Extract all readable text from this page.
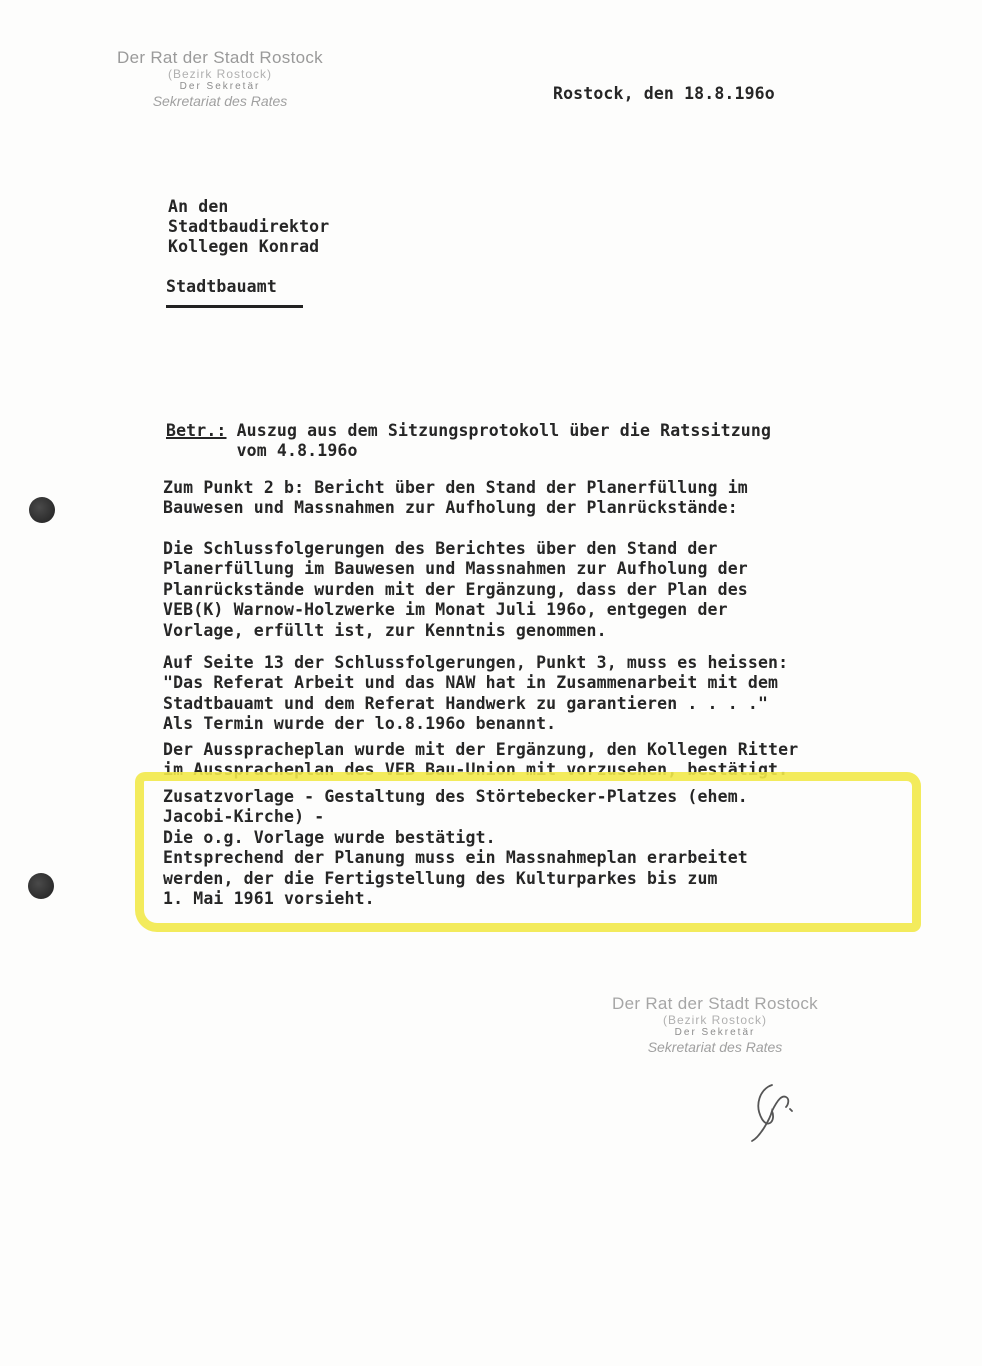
Der Rat der Stadt Rostock
(Bezirk Rostock)
Der Sekretär
Sekretariat des Rates	Rostock, den 18.8.196o
An den
Stadtbaudirektor
Kollegen Konrad
Stadtbauamt
Betr.: Auszug aus dem Sitzungsprotokoll über die Ratssitzung
vom 4.8.196o
Zum Punkt 2 b: Bericht über den Stand der Planerfüllung im
Bauwesen und Massnahmen zur Aufholung der Planrückstände:
Die Schlussfolgerungen des Berichtes über den Stand der
Planerfüllung im Bauwesen und Massnahmen zur Aufholung der
Planrückstände wurden mit der Ergänzung, dass der Plan des
VEB(K) Warnow-Holzwerke im Monat Juli 196o, entgegen der
Vorlage, erfüllt ist, zur Kenntnis genommen.
Auf Seite 13 der Schlussfolgerungen, Punkt 3, muss es heissen:
"Das Referat Arbeit und das NAW hat in Zusammenarbeit mit dem
Stadtbauamt und dem Referat Handwerk zu garantieren . . . ."
Als Termin wurde der lo.8.196o benannt.
Der Ausspracheplan wurde mit der Ergänzung, den Kollegen Ritter
im Ausspracheplan des VEB Bau-Union mit vorzusehen, bestätigt.
Zusatzvorlage - Gestaltung des Störtebecker-Platzes (ehem.
Jacobi-Kirche) -
Die o.g. Vorlage wurde bestätigt.
Entsprechend der Planung muss ein Massnahmeplan erarbeitet
werden, der die Fertigstellung des Kulturparkes bis zum
1. Mai 1961 vorsieht.
Der Rat der Stadt Rostock
(Bezirk Rostock)
Der Sekretär
Sekretariat des Rates
